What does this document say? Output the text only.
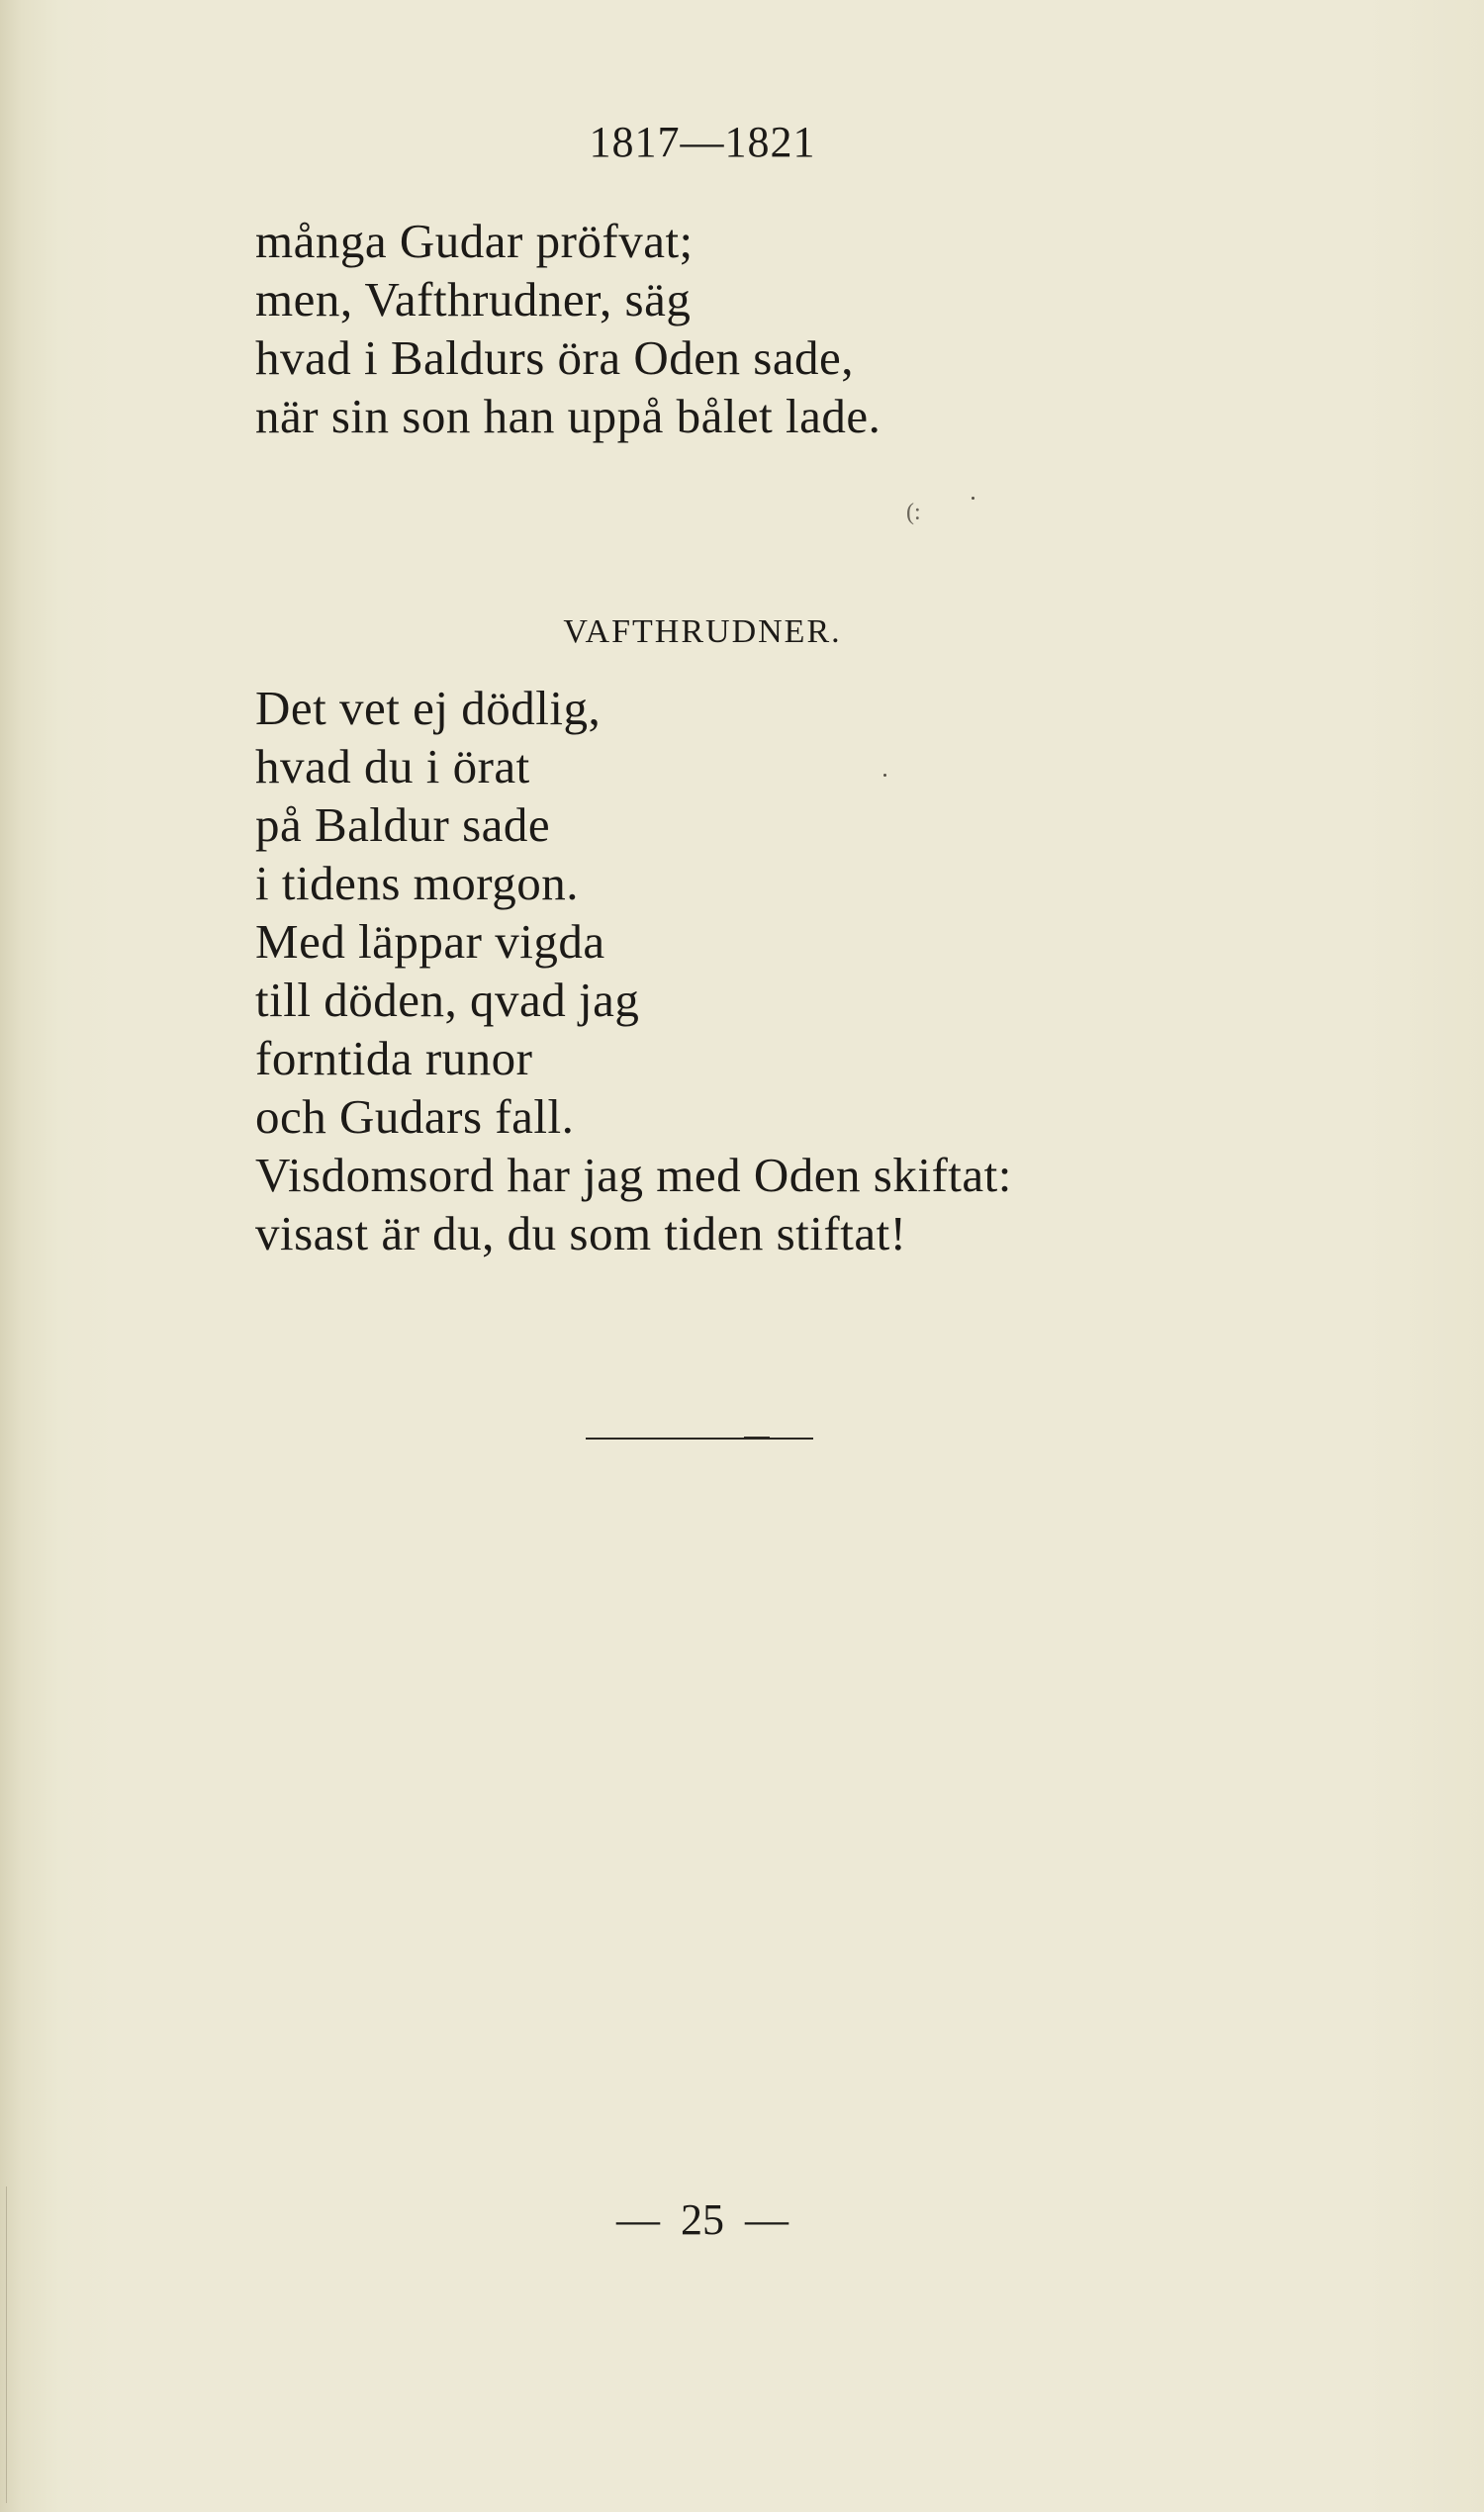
1817—1821
många Gudar pröfvat;
men, Vafthrudner, säg
hvad i Baldurs öra Oden sade,
när sin son han uppå bålet lade.
(:
VAFTHRUDNER.
Det vet ej dödlig,
hvad du i örat
på Baldur sade
i tidens morgon.
Med läppar vigda
till döden, qvad jag
forntida runor
och Gudars fall.
Visdomsord har jag med Oden skiftat:
visast är du, du som tiden stiftat!
— 25 —
